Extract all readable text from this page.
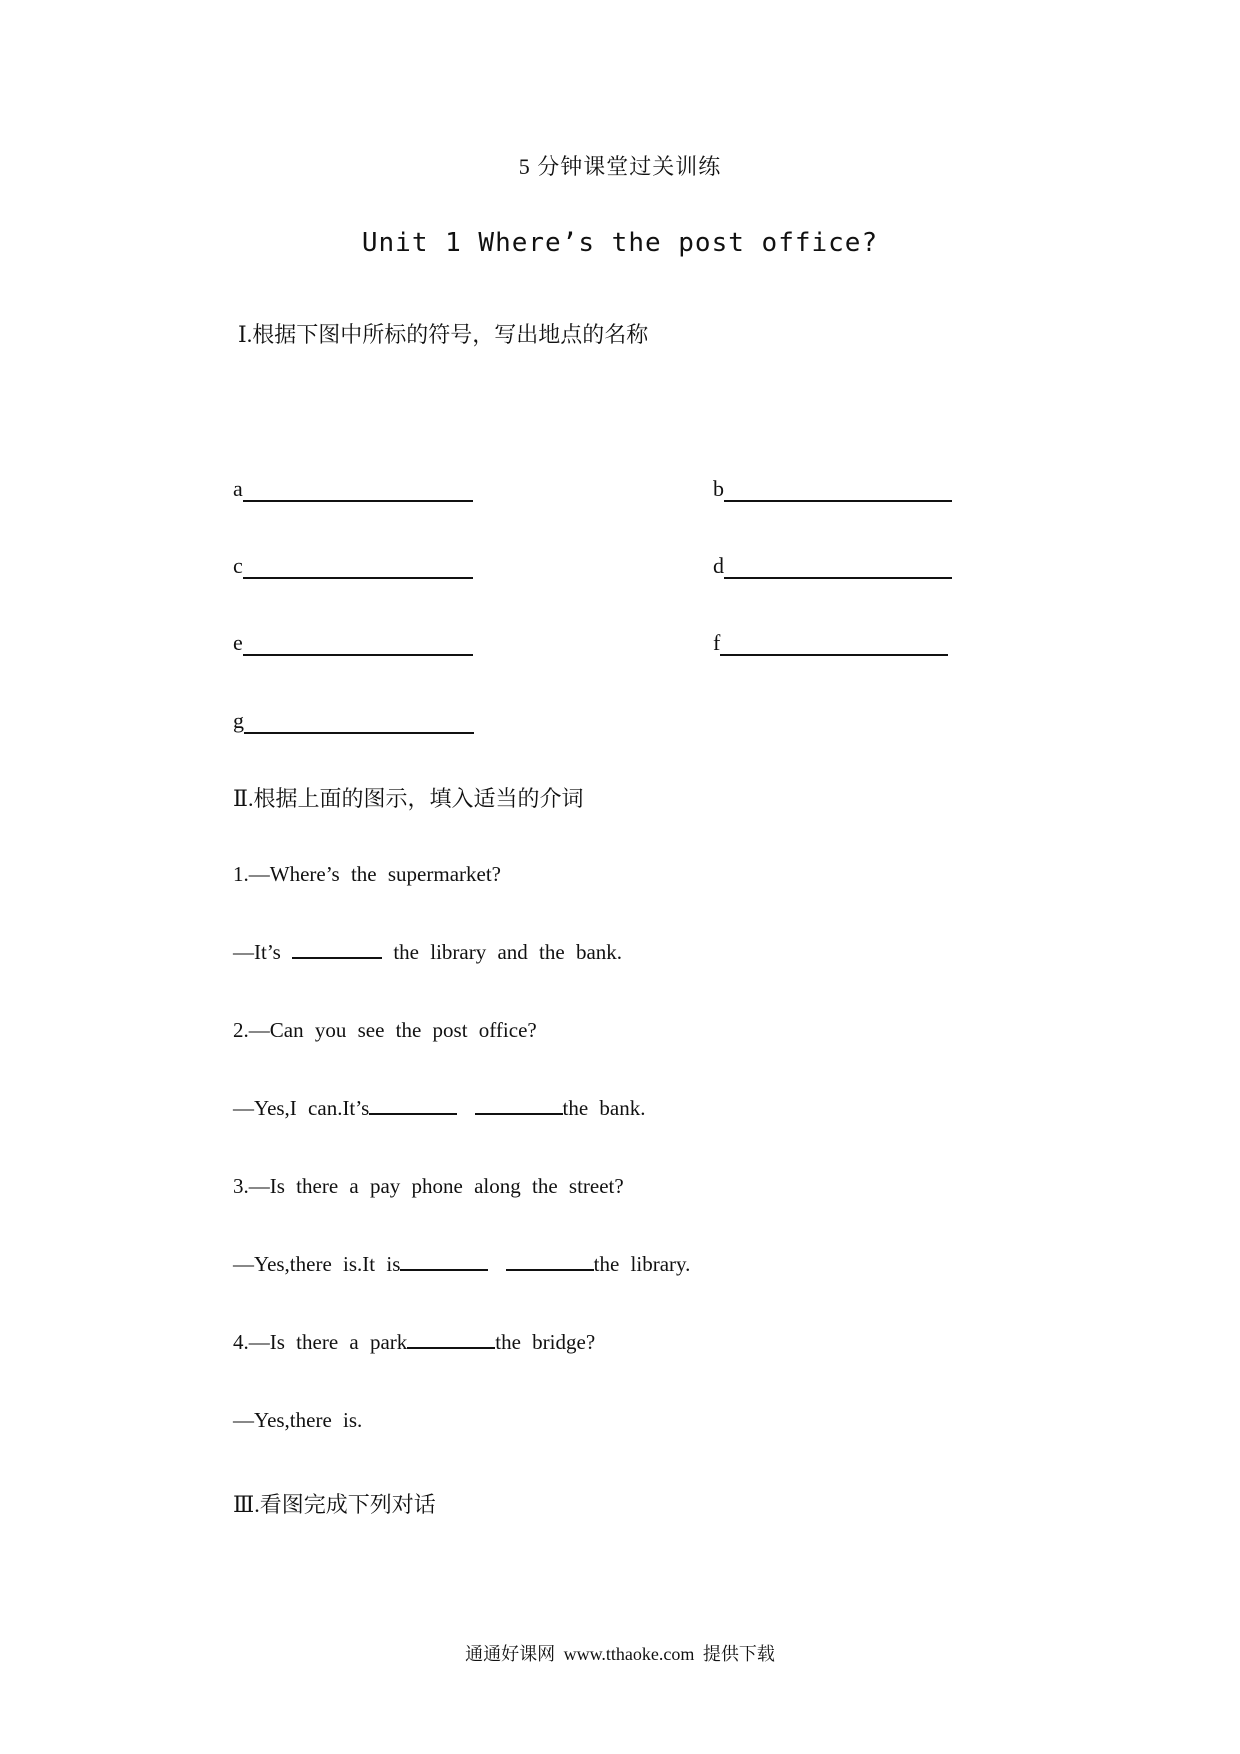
5 分钟课堂过关训练
Unit 1 Where’s the post office?
Ⅰ.根据下图中所标的符号，写出地点的名称
a	b
c	d
e	f
g
Ⅱ.根据上面的图示，填入适当的介词
1.—Where’s the supermarket?
—It’s	the library and the bank.
2.—Can you see the post office?
—Yes,I can.It’s	the bank.
3.—Is there a pay phone along the street?
—Yes,there is.It is	the library.
4.—Is there a park	the bridge?
—Yes,there is.
Ⅲ.看图完成下列对话
通通好课网 www.tthaoke.com 提供下载
